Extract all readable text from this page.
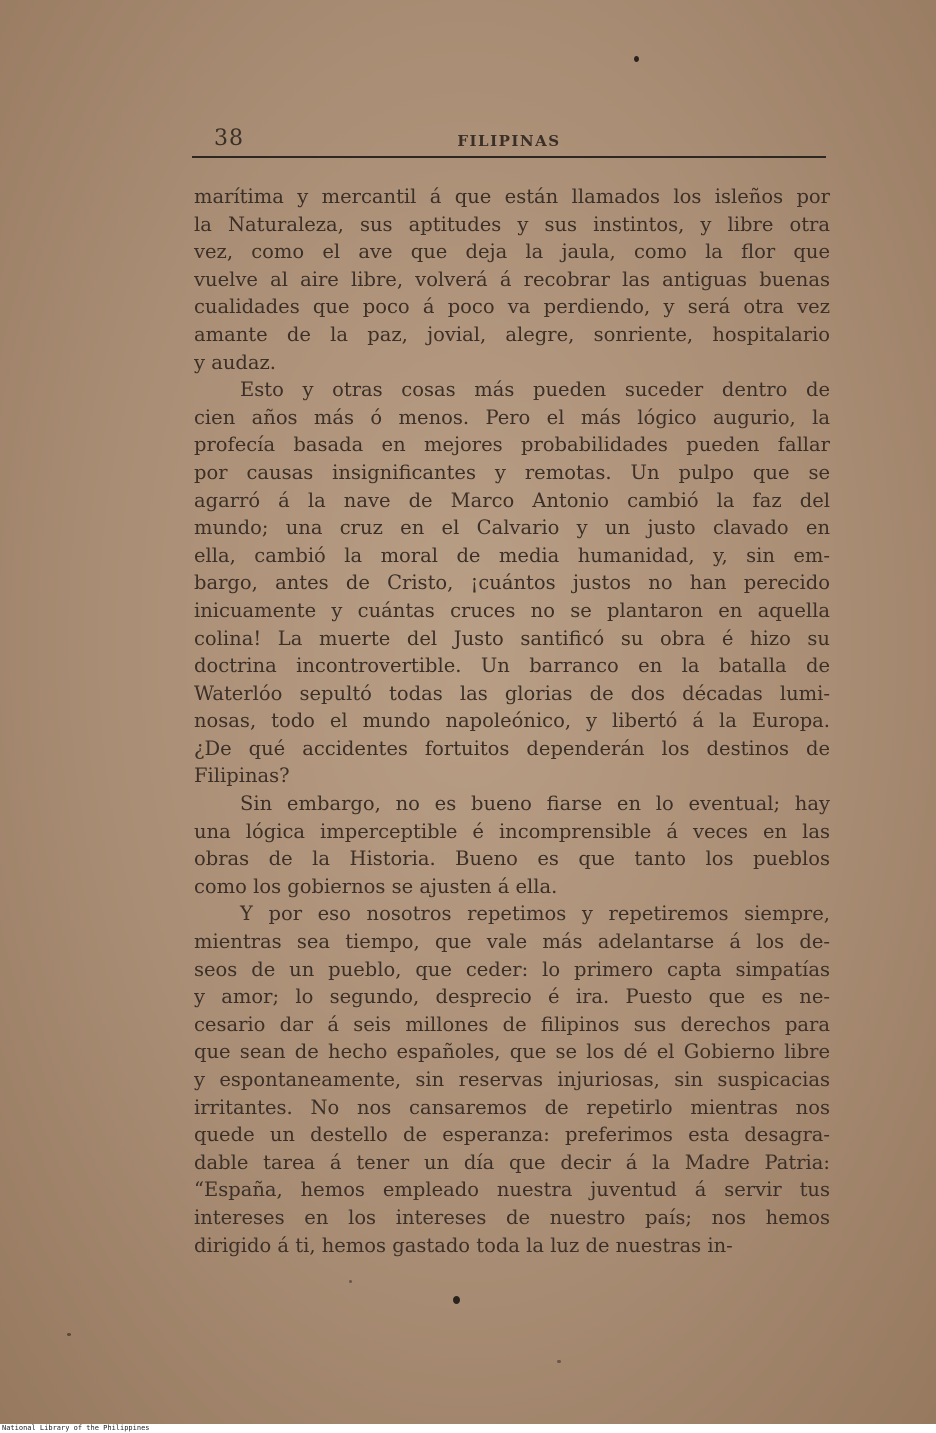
38	FILIPINAS
marítima y mercantil á que están llamados los isleños por
la Naturaleza, sus aptitudes y sus instintos, y libre otra
vez, como el ave que deja la jaula, como la flor que
vuelve al aire libre, volverá á recobrar las antiguas buenas
cualidades que poco á poco va perdiendo, y será otra vez
amante de la paz, jovial, alegre, sonriente, hospitalario
y audaz.
Esto y otras cosas más pueden suceder dentro de
cien años más ó menos. Pero el más lógico augurio, la
profecía basada en mejores probabilidades pueden fallar
por causas insignificantes y remotas. Un pulpo que se
agarró á la nave de Marco Antonio cambió la faz del
mundo; una cruz en el Calvario y un justo clavado en
ella, cambió la moral de media humanidad, y, sin em-
bargo, antes de Cristo, ¡cuántos justos no han perecido
inicuamente y cuántas cruces no se plantaron en aquella
colina! La muerte del Justo santificó su obra é hizo su
doctrina incontrovertible. Un barranco en la batalla de
Waterlóo sepultó todas las glorias de dos décadas lumi-
nosas, todo el mundo napoleónico, y libertó á la Europa.
¿De qué accidentes fortuitos dependerán los destinos de
Filipinas?
Sin embargo, no es bueno fiarse en lo eventual; hay
una lógica imperceptible é incomprensible á veces en las
obras de la Historia. Bueno es que tanto los pueblos
como los gobiernos se ajusten á ella.
Y por eso nosotros repetimos y repetiremos siempre,
mientras sea tiempo, que vale más adelantarse á los de-
seos de un pueblo, que ceder: lo primero capta simpatías
y amor; lo segundo, desprecio é ira. Puesto que es ne-
cesario dar á seis millones de filipinos sus derechos para
que sean de hecho españoles, que se los dé el Gobierno libre
y espontaneamente, sin reservas injuriosas, sin suspicacias
irritantes. No nos cansaremos de repetirlo mientras nos
quede un destello de esperanza: preferimos esta desagra-
dable tarea á tener un día que decir á la Madre Patria:
“España, hemos empleado nuestra juventud á servir tus
intereses en los intereses de nuestro país; nos hemos
dirigido á ti, hemos gastado toda la luz de nuestras in-
National Library of the Philippines
